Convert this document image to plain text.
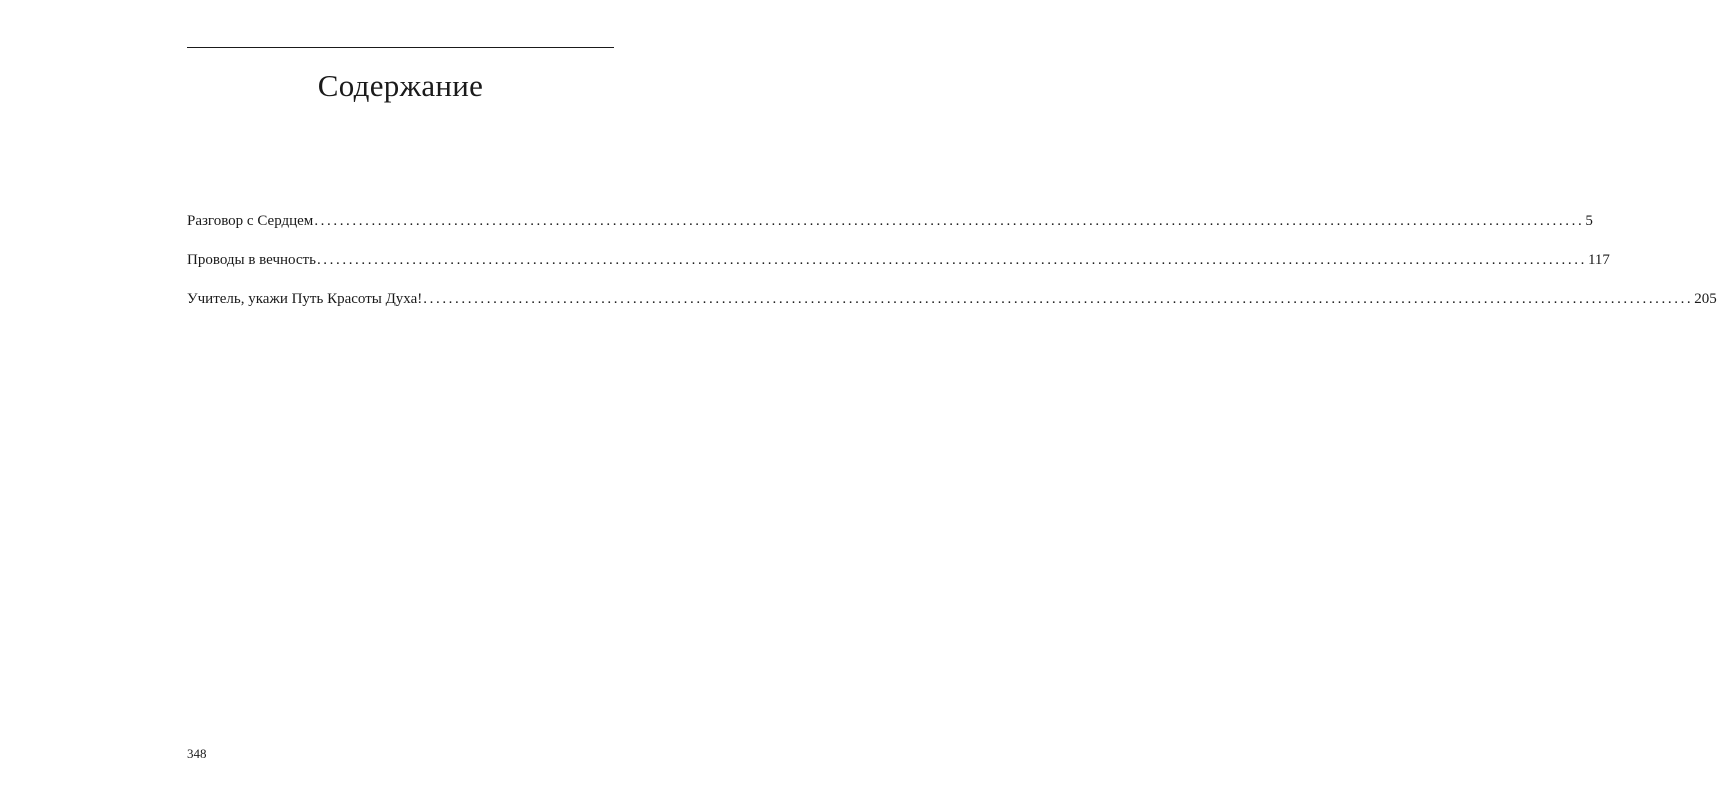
Содержание
Разговор с Сердцем ........................................................................................................................................................................................................ 5
Проводы в вечность ........................................................................................................................................................................................................ 117
Учитель, укажи Путь Красоты Духа! ........................................................................................................................................................................................................ 205
348
